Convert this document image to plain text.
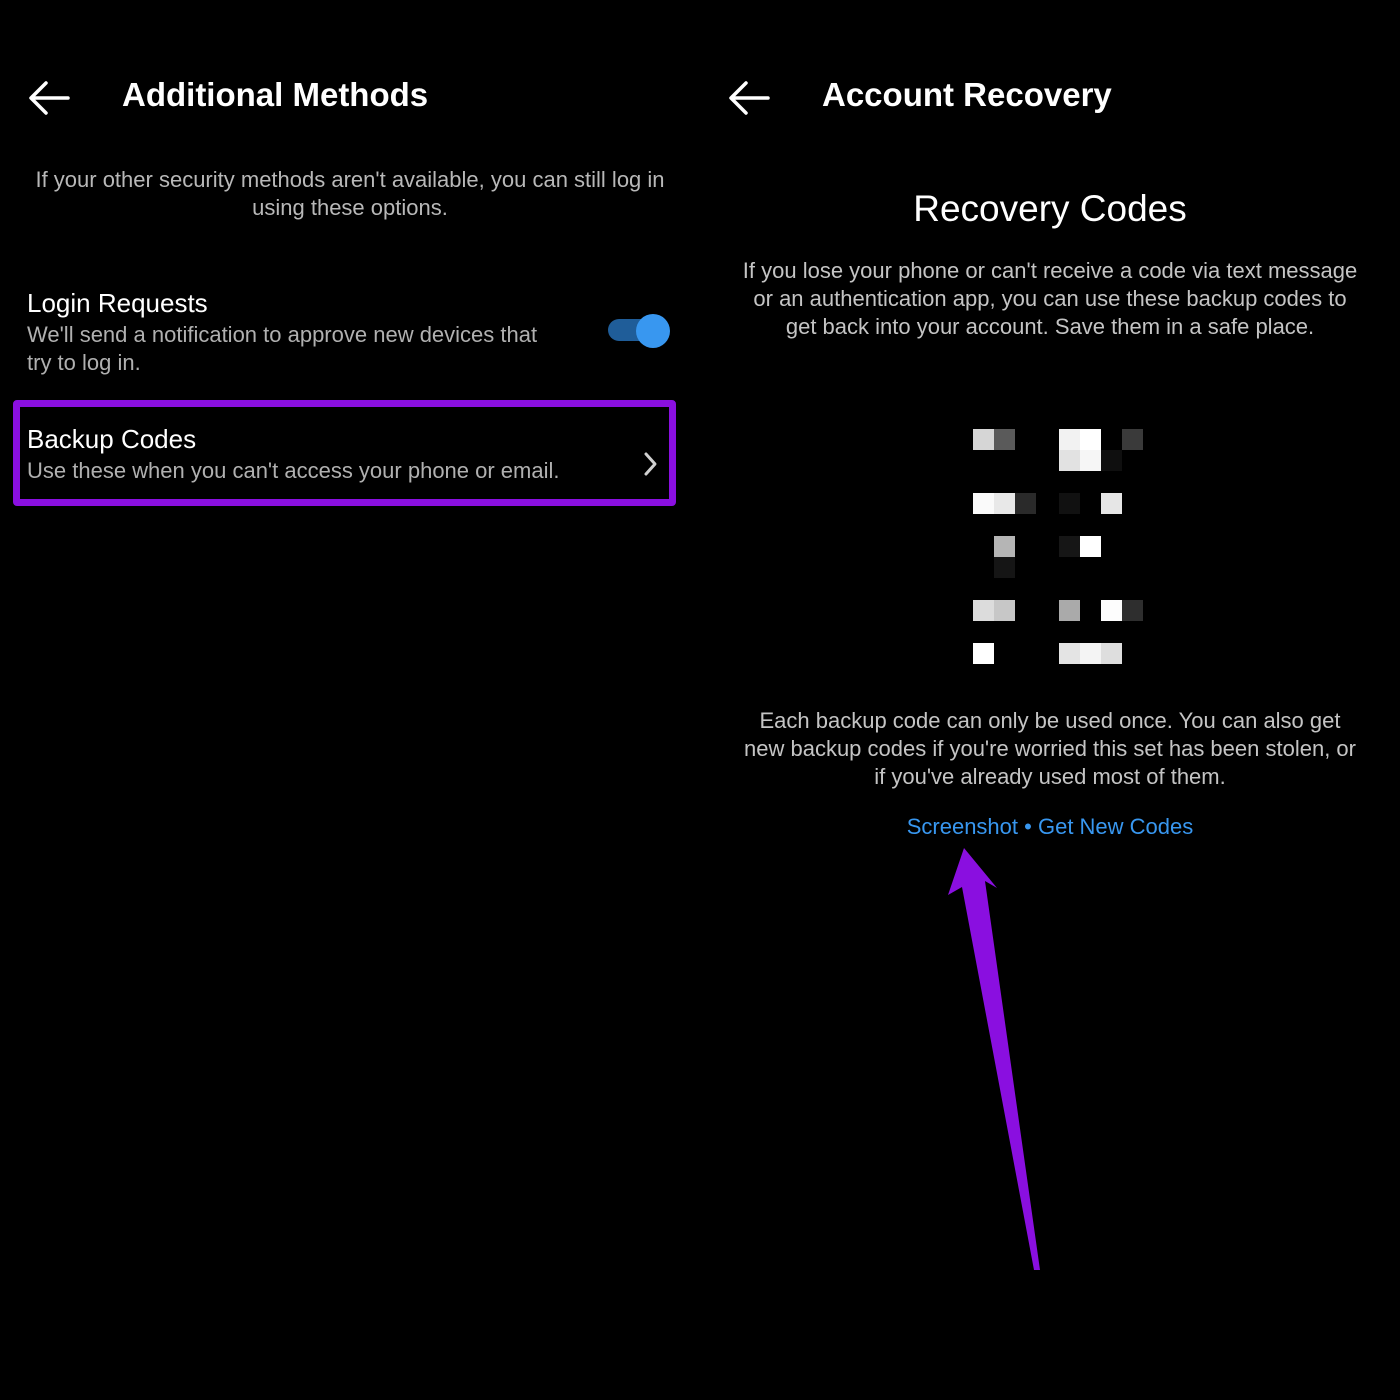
Additional Methods
If your other security methods aren't available, you can still log in using these options.
Login Requests
We'll send a notification to approve new devices that try to log in.
Backup Codes
Use these when you can't access your phone or email.
Account Recovery
Recovery Codes
If you lose your phone or can't receive a code via text message or an authentication app, you can use these backup codes to get back into your account. Save them in a safe place.
Each backup code can only be used once. You can also get new backup codes if you're worried this set has been stolen, or if you've already used most of them.
Screenshot • Get New Codes
